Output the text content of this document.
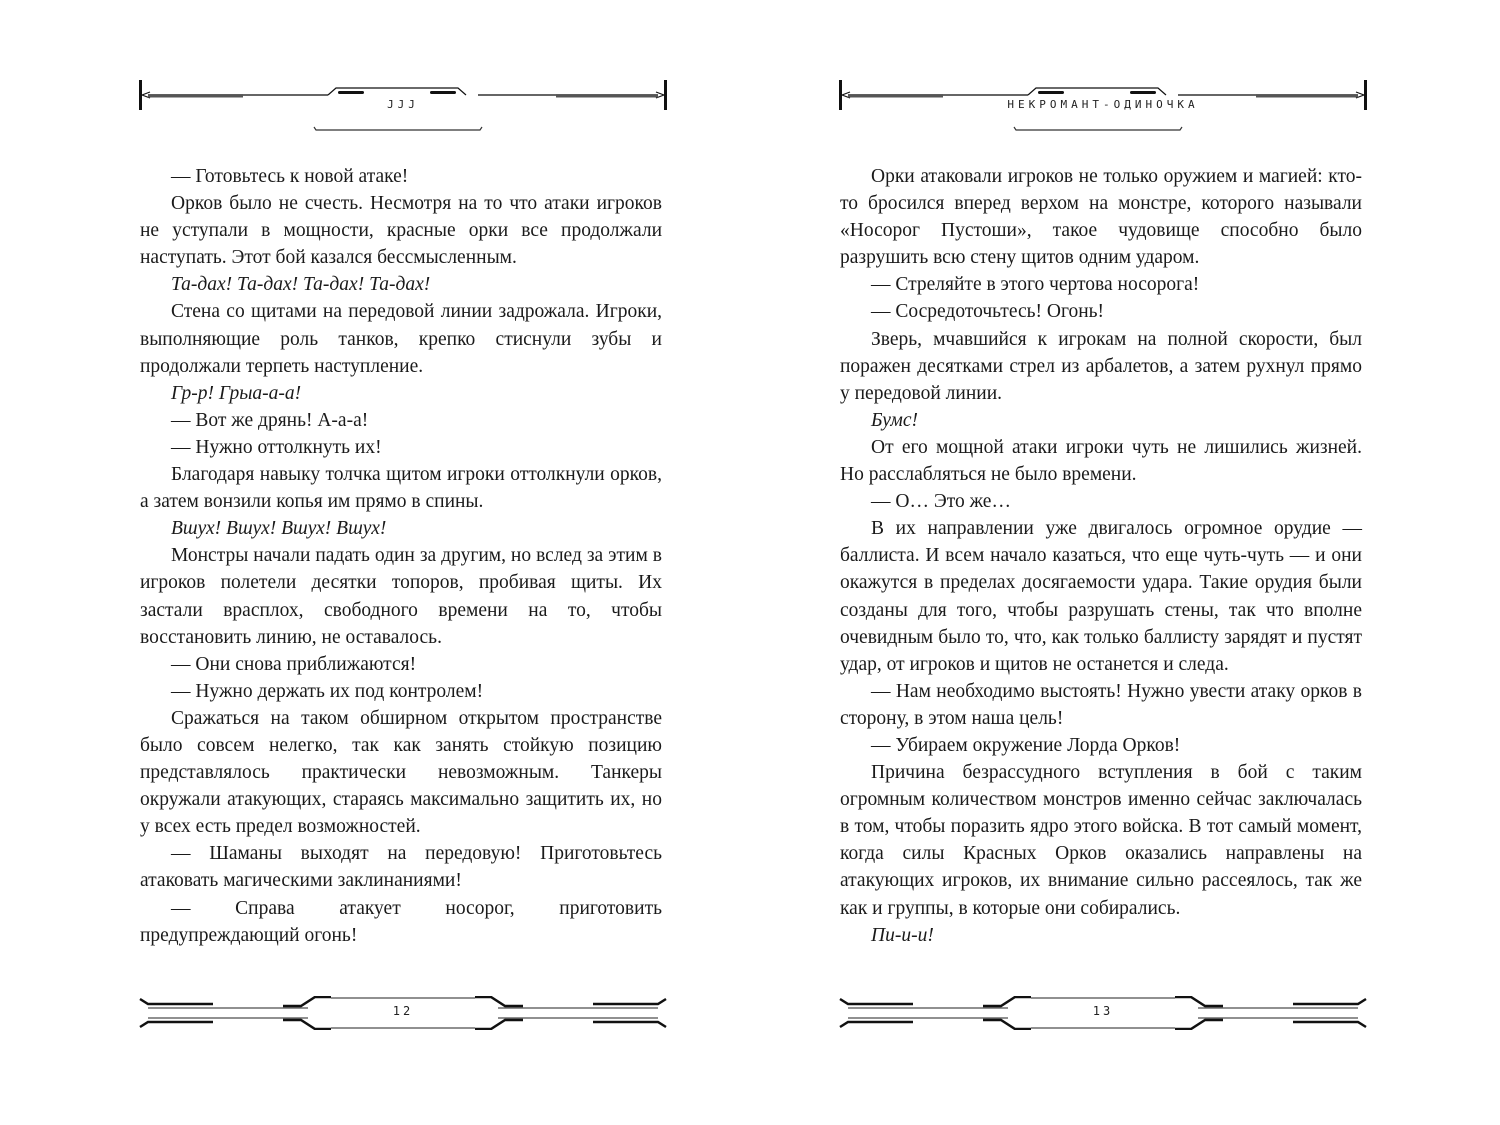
JJJ

— Готовьтесь к новой атаке!

Орков было не счесть. Несмотря на то что атаки игроков не уступали в мощности, красные орки все продолжали наступать. Этот бой казался бессмысленным.

Та-дах! Та-дах! Та-дах! Та-дах!

Стена со щитами на передовой линии задрожала. Игроки, выполняющие роль танков, крепко стиснули зубы и продолжали терпеть наступление.

Гр-р! Грыа-а-а!

— Вот же дрянь! А-а-а!

— Нужно оттолкнуть их!

Благодаря навыку толчка щитом игроки оттолкнули орков, а затем вонзили копья им прямо в спины.

Вшух! Вшух! Вшух! Вшух!

Монстры начали падать один за другим, но вслед за этим в игроков полетели десятки топоров, пробивая щиты. Их застали врасплох, свободного времени на то, чтобы восстановить линию, не оставалось.

— Они снова приближаются!

— Нужно держать их под контролем!

Сражаться на таком обширном открытом пространстве было совсем нелегко, так как занять стойкую позицию представлялось практически невозможным. Танкеры окружали атакующих, стараясь максимально защитить их, но у всех есть предел возможностей.

— Шаманы выходят на передовую! Приготовьтесь атаковать магическими заклинаниями!

— Справа атакует носорог, приготовить предупреждающий огонь!

12
НЕКРОМАНТ-ОДИНОЧКА

Орки атаковали игроков не только оружием и магией: кто-то бросился вперед верхом на монстре, которого называли «Носорог Пустоши», такое чудовище способно было разрушить всю стену щитов одним ударом.

— Стреляйте в этого чертова носорога!

— Сосредоточьтесь! Огонь!

Зверь, мчавшийся к игрокам на полной скорости, был поражен десятками стрел из арбалетов, а затем рухнул прямо у передовой линии.

Бумс!

От его мощной атаки игроки чуть не лишились жизней. Но расслабляться не было времени.

— О… Это же…

В их направлении уже двигалось огромное орудие — баллиста. И всем начало казаться, что еще чуть-чуть — и они окажутся в пределах досягаемости удара. Такие орудия были созданы для того, чтобы разрушать стены, так что вполне очевидным было то, что, как только баллисту зарядят и пустят удар, от игроков и щитов не останется и следа.

— Нам необходимо выстоять! Нужно увести атаку орков в сторону, в этом наша цель!

— Убираем окружение Лорда Орков!

Причина безрассудного вступления в бой с таким огромным количеством монстров именно сейчас заключалась в том, чтобы поразить ядро этого войска. В тот самый момент, когда силы Красных Орков оказались направлены на атакующих игроков, их внимание сильно рассеялось, так же как и группы, в которые они собирались.

Пи-и-и!

13
